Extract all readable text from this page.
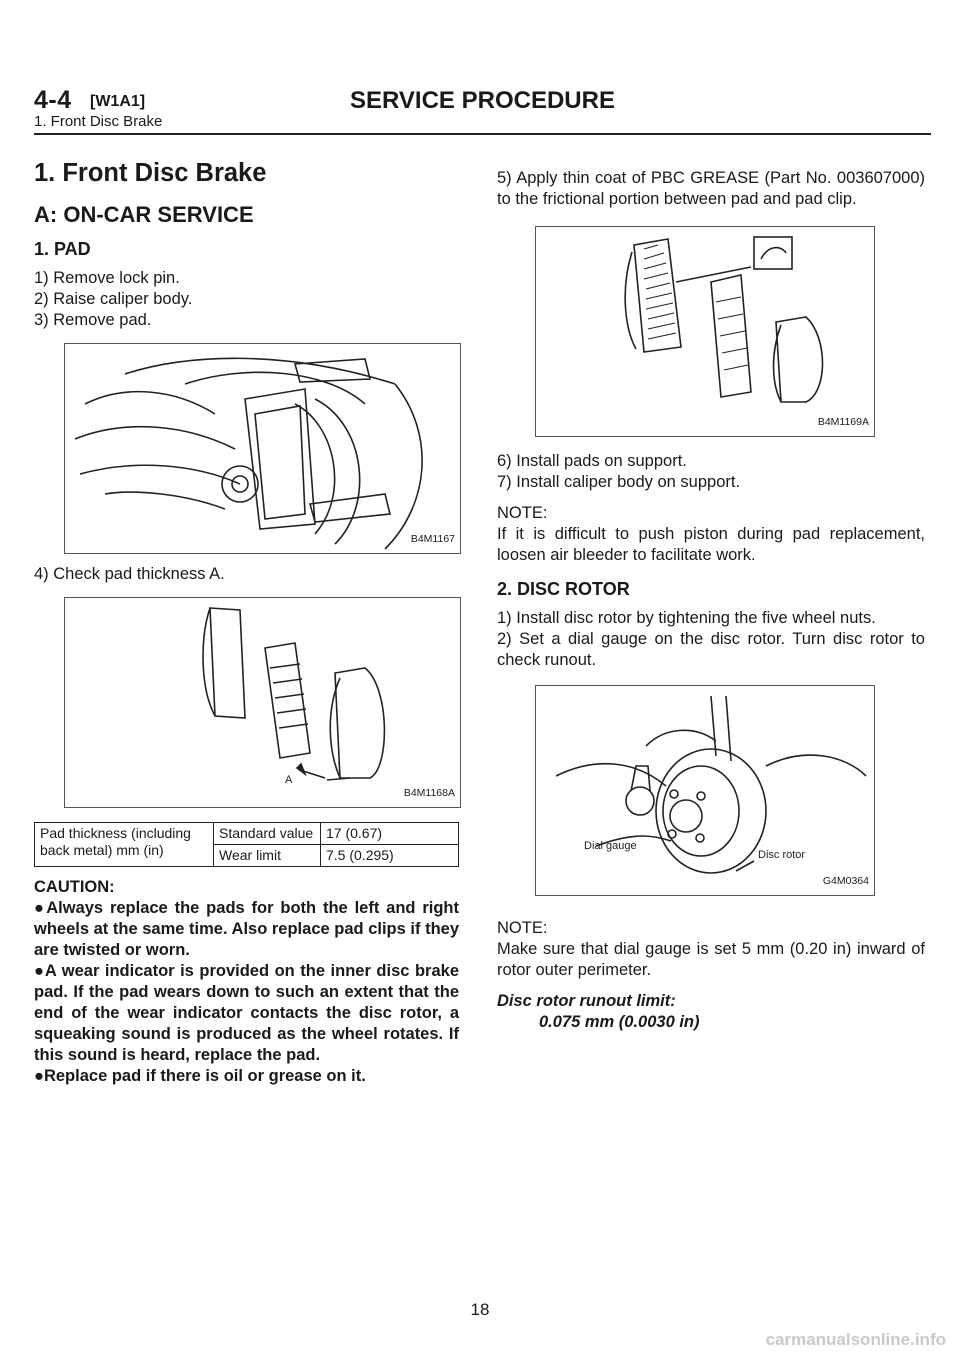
4-4 [W1A1]	SERVICE PROCEDURE
1. Front Disc Brake
1. Front Disc Brake
A: ON-CAR SERVICE
1. PAD

1) Remove lock pin.

2) Raise caliper body.

3) Remove pad.

B4M1167

4) Check pad thickness A.

A
B4M1168A
Pad thickness (including back metal) mm (in)	Standard value	17 (0.67)
	Wear limit	7.5 (0.295)

CAUTION:

●Always replace the pads for both the left and right wheels at the same time. Also replace pad clips if they are twisted or worn.

●A wear indicator is provided on the inner disc brake pad. If the pad wears down to such an extent that the end of the wear indicator contacts the disc rotor, a squeaking sound is produced as the wheel rotates. If this sound is heard, replace the pad.

●Replace pad if there is oil or grease on it.

5) Apply thin coat of PBC GREASE (Part No. 003607000) to the frictional portion between pad and pad clip.

B4M1169A

6) Install pads on support.

7) Install caliper body on support.

NOTE:

If it is difficult to push piston during pad replacement, loosen air bleeder to facilitate work.

2. DISC ROTOR

1) Install disc rotor by tightening the five wheel nuts.

2) Set a dial gauge on the disc rotor. Turn disc rotor to check runout.

Dial gauge
Disc rotor
G4M0364

NOTE:

Make sure that dial gauge is set 5 mm (0.20 in) inward of rotor outer perimeter.

Disc rotor runout limit:

0.075 mm (0.0030 in)

18
carmanualsonline.info
